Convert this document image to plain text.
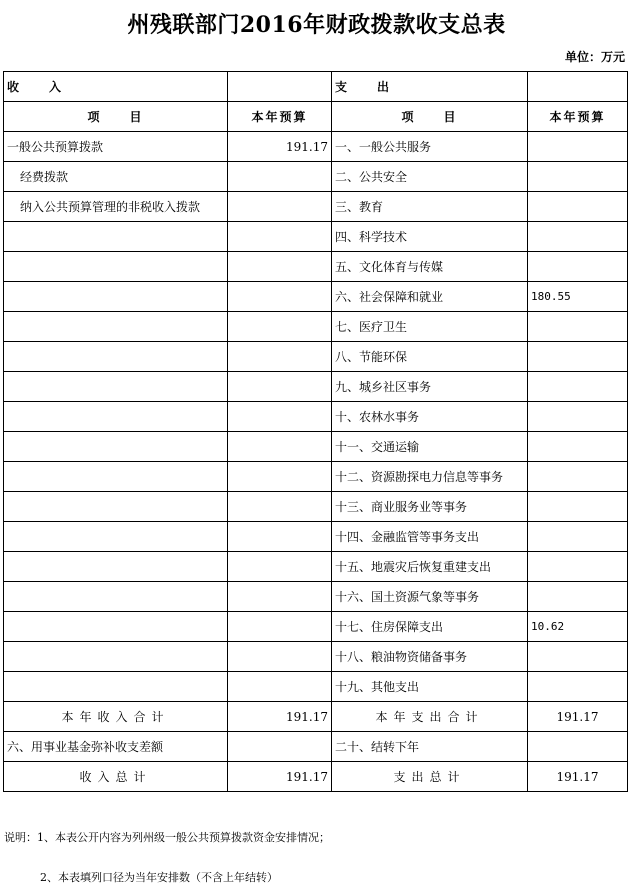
州残联部门2016年财政拨款收支总表
单位：万元
收　　入		支　　出	
项　　目	本年预算	项　　目	本年预算
一般公共预算拨款	191.17	一、一般公共服务	
经费拨款		二、公共安全	
纳入公共预算管理的非税收入拨款		三、教育	
		四、科学技术	
		五、文化体育与传媒	
		六、社会保障和就业	180.55
		七、医疗卫生	
		八、节能环保	
		九、城乡社区事务	
		十、农林水事务	
		十一、交通运输	
		十二、资源勘探电力信息等事务	
		十三、商业服务业等事务	
		十四、金融监管等事务支出	
		十五、地震灾后恢复重建支出	
		十六、国土资源气象等事务	
		十七、住房保障支出	10.62
		十八、粮油物资储备事务	
		十九、其他支出	
本年收入合计	191.17	本年支出合计	191.17
六、用事业基金弥补收支差额		二十、结转下年	
收入总计	191.17	支出总计	191.17
说明：1、本表公开内容为列州级一般公共预算拨款资金安排情况；
2、本表填列口径为当年安排数（不含上年结转）
